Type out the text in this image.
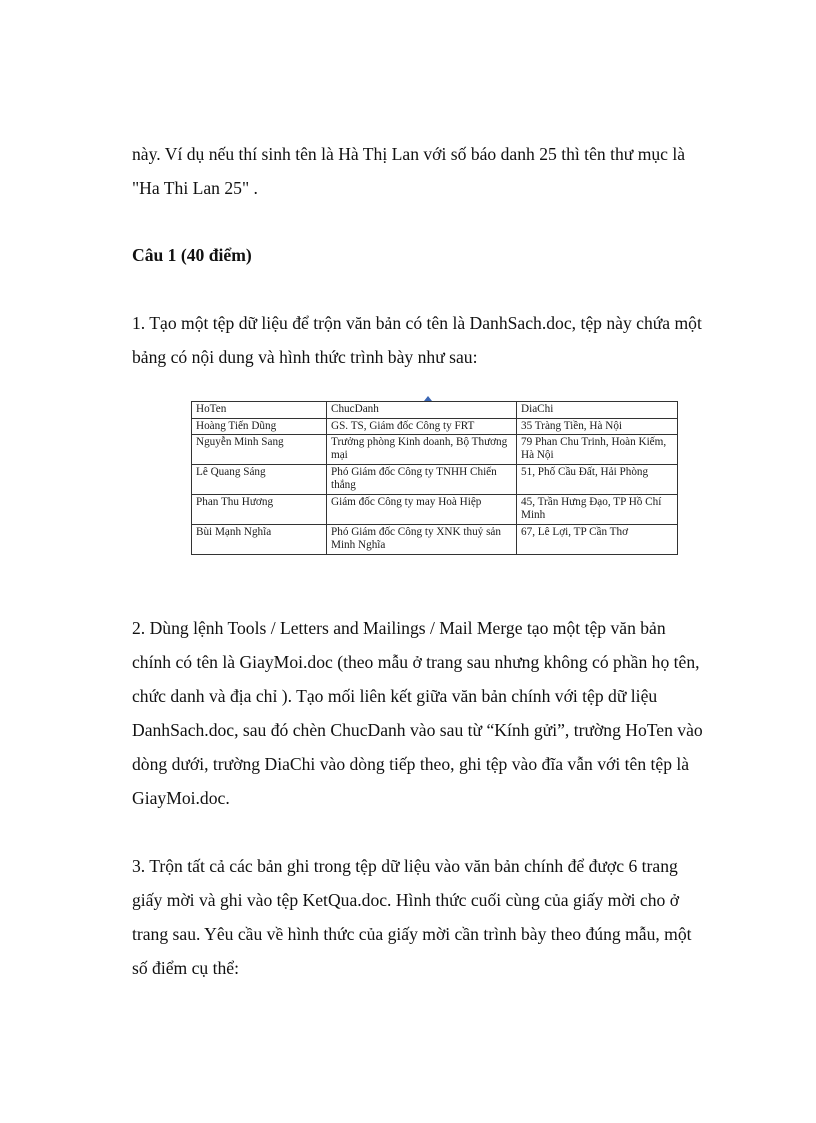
này. Ví dụ nếu thí sinh tên là Hà Thị Lan với số báo danh 25 thì tên thư mục là
"Ha Thi Lan 25" .

Câu 1 (40 điểm)

1. Tạo một tệp dữ liệu để trộn văn bản có tên là DanhSach.doc, tệp này chứa một
bảng có nội dung và hình thức trình bày như sau:

HoTen	ChucDanh	DiaChi
Hoàng Tiến Dũng	GS. TS, Giám đốc Công ty FRT	35 Tràng Tiền, Hà Nội
Nguyễn Minh Sang	Trưởng phòng Kinh doanh, Bộ Thương mại	79 Phan Chu Trinh, Hoàn Kiếm, Hà Nội
Lê Quang Sáng	Phó Giám đốc Công ty TNHH Chiến thắng	51, Phố Cầu Đất, Hải Phòng
Phan Thu Hương	Giám đốc Công ty may Hoà Hiệp	45, Trần Hưng Đạo, TP Hồ Chí Minh
Bùi Mạnh Nghĩa	Phó Giám đốc Công ty XNK thuỷ sản Minh Nghĩa	67, Lê Lợi, TP Cần Thơ

2. Dùng lệnh Tools / Letters and Mailings / Mail Merge tạo một tệp văn bản
chính có tên là GiayMoi.doc (theo mẫu ở trang sau nhưng không có phần họ tên,
chức danh và địa chỉ ). Tạo mối liên kết giữa văn bản chính với tệp dữ liệu
DanhSach.doc, sau đó chèn ChucDanh vào sau từ “Kính gửi”, trường HoTen vào
dòng dưới, trường DiaChi vào dòng tiếp theo, ghi tệp vào đĩa vẫn với tên tệp là
GiayMoi.doc.

3. Trộn tất cả các bản ghi trong tệp dữ liệu vào văn bản chính để được 6 trang
giấy mời và ghi vào tệp KetQua.doc. Hình thức cuối cùng của giấy mời cho ở
trang sau. Yêu cầu về hình thức của giấy mời cần trình bày theo đúng mẫu, một
số điểm cụ thể:
